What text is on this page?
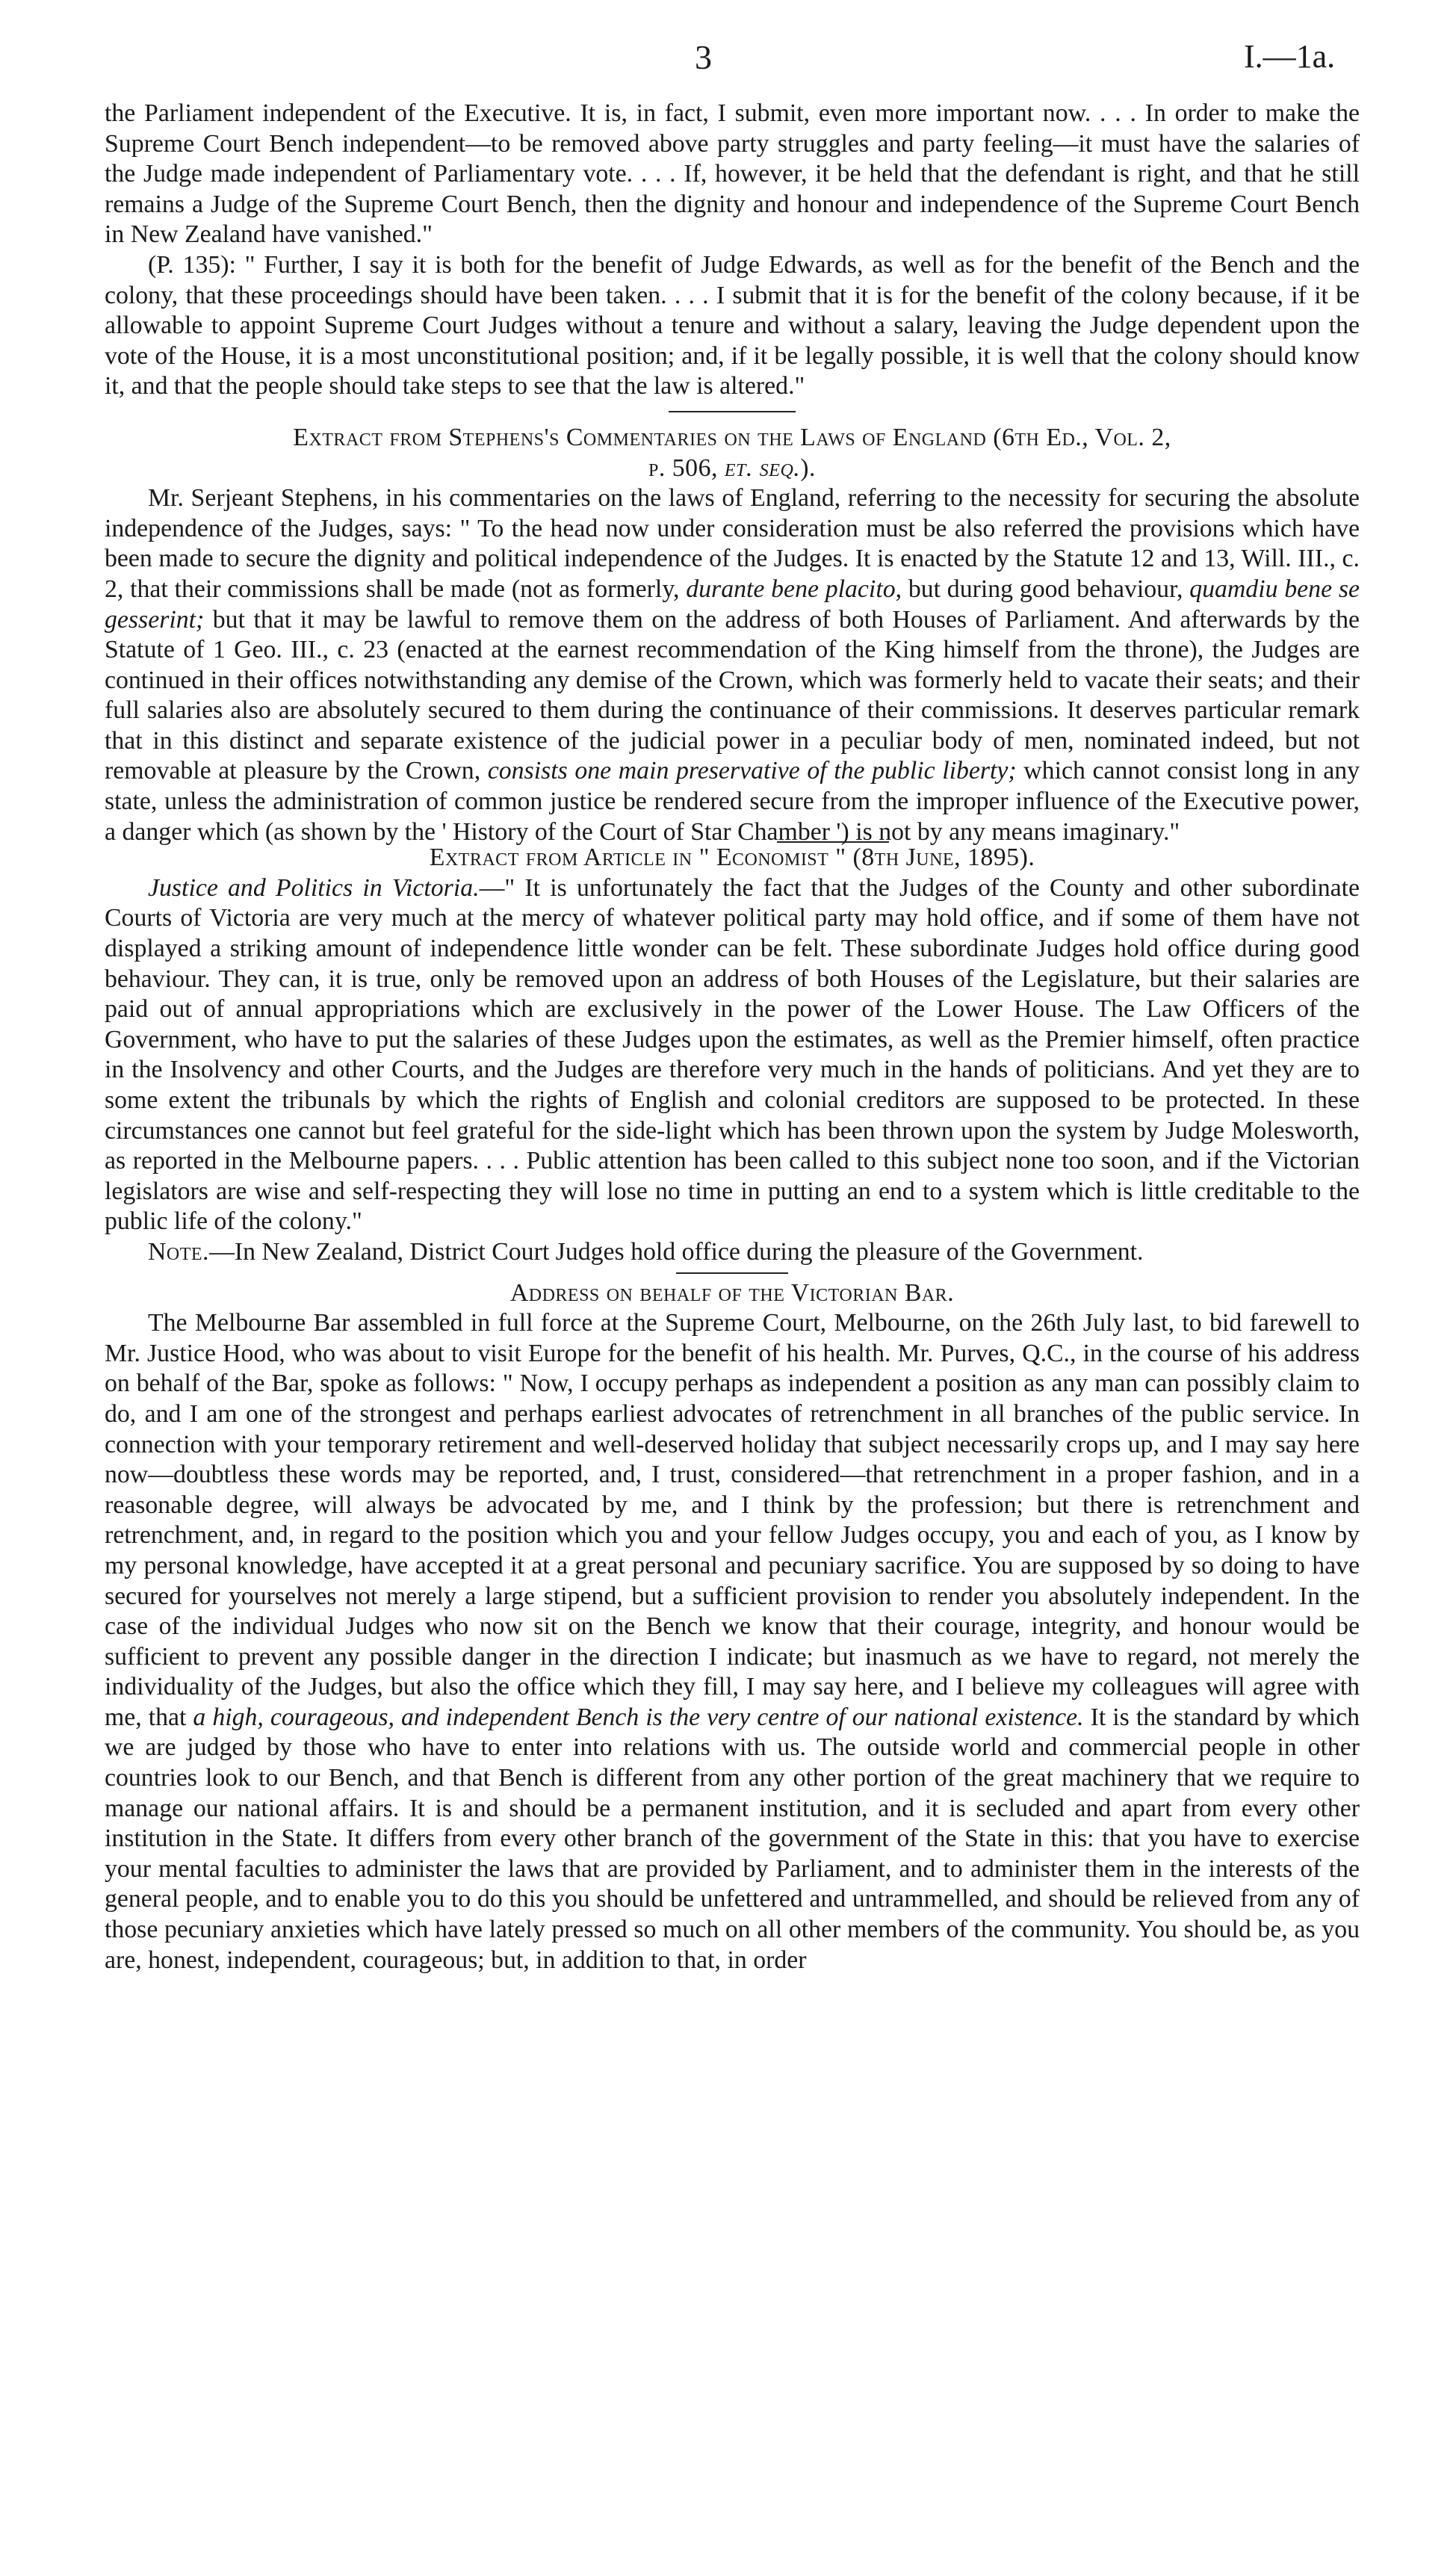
3	I.—1a.

the Parliament independent of the Executive. It is, in fact, I submit, even more important now. . . . In order to make the Supreme Court Bench independent—to be removed above party struggles and party feeling—it must have the salaries of the Judge made independent of Parliamentary vote. . . . If, however, it be held that the defendant is right, and that he still remains a Judge of the Supreme Court Bench, then the dignity and honour and independence of the Supreme Court Bench in New Zealand have vanished."

(P. 135): " Further, I say it is both for the benefit of Judge Edwards, as well as for the benefit of the Bench and the colony, that these proceedings should have been taken. . . . I submit that it is for the benefit of the colony because, if it be allowable to appoint Supreme Court Judges without a tenure and without a salary, leaving the Judge dependent upon the vote of the House, it is a most unconstitutional position; and, if it be legally possible, it is well that the colony should know it, and that the people should take steps to see that the law is altered."

Extract from Stephens's Commentaries on the Laws of England (6th Ed., Vol. 2,
p. 506, et. seq.).

Mr. Serjeant Stephens, in his commentaries on the laws of England, referring to the necessity for securing the absolute independence of the Judges, says: " To the head now under consideration must be also referred the provisions which have been made to secure the dignity and political independence of the Judges. It is enacted by the Statute 12 and 13, Will. III., c. 2, that their commissions shall be made (not as formerly, durante bene placito, but during good behaviour, quamdiu bene se gesserint; but that it may be lawful to remove them on the address of both Houses of Parliament. And afterwards by the Statute of 1 Geo. III., c. 23 (enacted at the earnest recommendation of the King himself from the throne), the Judges are continued in their offices notwithstanding any demise of the Crown, which was formerly held to vacate their seats; and their full salaries also are absolutely secured to them during the continuance of their commissions. It deserves particular remark that in this distinct and separate existence of the judicial power in a peculiar body of men, nominated indeed, but not removable at pleasure by the Crown, consists one main preservative of the public liberty; which cannot consist long in any state, unless the administration of common justice be rendered secure from the improper influence of the Executive power, a danger which (as shown by the ' History of the Court of Star Chamber ') is not by any means imaginary."

Extract from Article in " Economist " (8th June, 1895).

Justice and Politics in Victoria.—" It is unfortunately the fact that the Judges of the County and other subordinate Courts of Victoria are very much at the mercy of whatever political party may hold office, and if some of them have not displayed a striking amount of independence little wonder can be felt. These subordinate Judges hold office during good behaviour. They can, it is true, only be removed upon an address of both Houses of the Legislature, but their salaries are paid out of annual appropriations which are exclusively in the power of the Lower House. The Law Officers of the Government, who have to put the salaries of these Judges upon the estimates, as well as the Premier himself, often practice in the Insolvency and other Courts, and the Judges are therefore very much in the hands of politicians. And yet they are to some extent the tribunals by which the rights of English and colonial creditors are supposed to be protected. In these circumstances one cannot but feel grateful for the side-light which has been thrown upon the system by Judge Molesworth, as reported in the Melbourne papers. . . . Public attention has been called to this subject none too soon, and if the Victorian legislators are wise and self-respecting they will lose no time in putting an end to a system which is little creditable to the public life of the colony."

Note.—In New Zealand, District Court Judges hold office during the pleasure of the Government.

Address on behalf of the Victorian Bar.

The Melbourne Bar assembled in full force at the Supreme Court, Melbourne, on the 26th July last, to bid farewell to Mr. Justice Hood, who was about to visit Europe for the benefit of his health. Mr. Purves, Q.C., in the course of his address on behalf of the Bar, spoke as follows: " Now, I occupy perhaps as independent a position as any man can possibly claim to do, and I am one of the strongest and perhaps earliest advocates of retrenchment in all branches of the public service. In connection with your temporary retirement and well-deserved holiday that subject necessarily crops up, and I may say here now—doubtless these words may be reported, and, I trust, considered—that retrenchment in a proper fashion, and in a reasonable degree, will always be advocated by me, and I think by the profession; but there is retrenchment and retrenchment, and, in regard to the position which you and your fellow Judges occupy, you and each of you, as I know by my personal knowledge, have accepted it at a great personal and pecuniary sacrifice. You are supposed by so doing to have secured for yourselves not merely a large stipend, but a sufficient provision to render you absolutely independent. In the case of the individual Judges who now sit on the Bench we know that their courage, integrity, and honour would be sufficient to prevent any possible danger in the direction I indicate; but inasmuch as we have to regard, not merely the individuality of the Judges, but also the office which they fill, I may say here, and I believe my colleagues will agree with me, that a high, courageous, and independent Bench is the very centre of our national existence. It is the standard by which we are judged by those who have to enter into relations with us. The outside world and commercial people in other countries look to our Bench, and that Bench is different from any other portion of the great machinery that we require to manage our national affairs. It is and should be a permanent institution, and it is secluded and apart from every other institution in the State. It differs from every other branch of the government of the State in this: that you have to exercise your mental faculties to administer the laws that are provided by Parliament, and to administer them in the interests of the general people, and to enable you to do this you should be unfettered and untrammelled, and should be relieved from any of those pecuniary anxieties which have lately pressed so much on all other members of the community. You should be, as you are, honest, independent, courageous; but, in addition to that, in order
